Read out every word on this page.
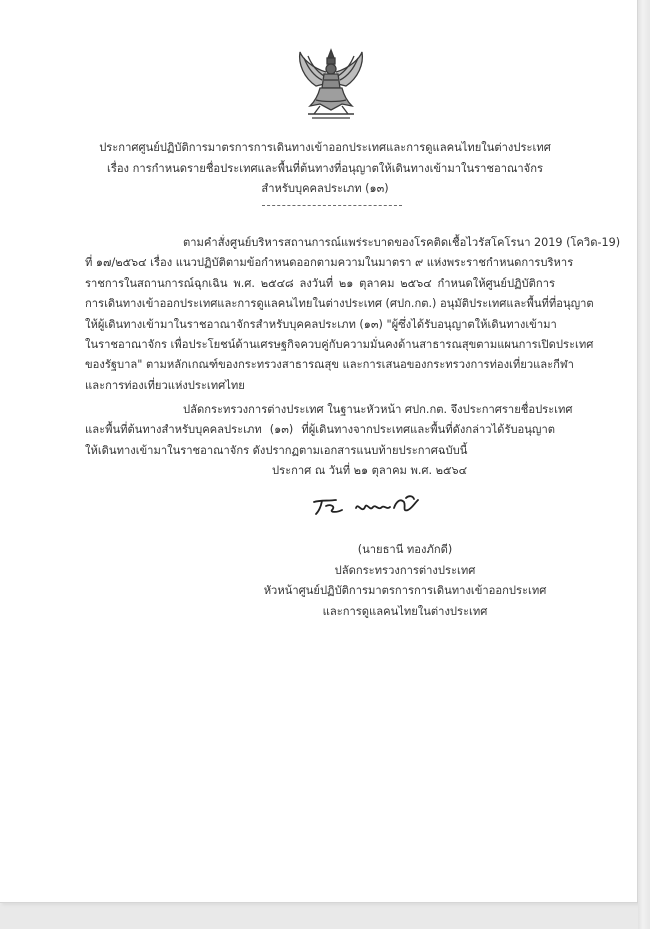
ประกาศศูนย์ปฏิบัติการมาตรการการเดินทางเข้าออกประเทศและการดูแลคนไทยในต่างประเทศ
เรื่อง การกำหนดรายชื่อประเทศและพื้นที่ต้นทางที่อนุญาตให้เดินทางเข้ามาในราชอาณาจักร
สำหรับบุคคลประเภท (๑๓)
ตามคำสั่งศูนย์บริหารสถานการณ์แพร่ระบาดของโรคติดเชื้อไวรัสโคโรนา 2019 (โควิด-19)
ที่ ๑๗/๒๕๖๔ เรื่อง แนวปฏิบัติตามข้อกำหนดออกตามความในมาตรา ๙ แห่งพระราชกำหนดการบริหาร
ราชการในสถานการณ์ฉุกเฉิน พ.ศ. ๒๕๔๘ ลงวันที่ ๒๑ ตุลาคม ๒๕๖๔ กำหนดให้ศูนย์ปฏิบัติการ
การเดินทางเข้าออกประเทศและการดูแลคนไทยในต่างประเทศ (ศปก.กต.) อนุมัติประเทศและพื้นที่ที่อนุญาต
ให้ผู้เดินทางเข้ามาในราชอาณาจักรสำหรับบุคคลประเภท (๑๓) "ผู้ซึ่งได้รับอนุญาตให้เดินทางเข้ามา
ในราชอาณาจักร เพื่อประโยชน์ด้านเศรษฐกิจควบคู่กับความมั่นคงด้านสาธารณสุขตามแผนการเปิดประเทศ
ของรัฐบาล" ตามหลักเกณฑ์ของกระทรวงสาธารณสุข และการเสนอของกระทรวงการท่องเที่ยวและกีฬา
และการท่องเที่ยวแห่งประเทศไทย
ปลัดกระทรวงการต่างประเทศ ในฐานะหัวหน้า ศปก.กต. จึงประกาศรายชื่อประเทศ
และพื้นที่ต้นทางสำหรับบุคคลประเภท (๑๓) ที่ผู้เดินทางจากประเทศและพื้นที่ดังกล่าวได้รับอนุญาต
ให้เดินทางเข้ามาในราชอาณาจักร ดังปรากฏตามเอกสารแนบท้ายประกาศฉบับนี้
ประกาศ ณ วันที่ ๒๑ ตุลาคม พ.ศ. ๒๕๖๔
(นายธานี ทองภักดี)
ปลัดกระทรวงการต่างประเทศ
หัวหน้าศูนย์ปฏิบัติการมาตรการการเดินทางเข้าออกประเทศ
และการดูแลคนไทยในต่างประเทศ
